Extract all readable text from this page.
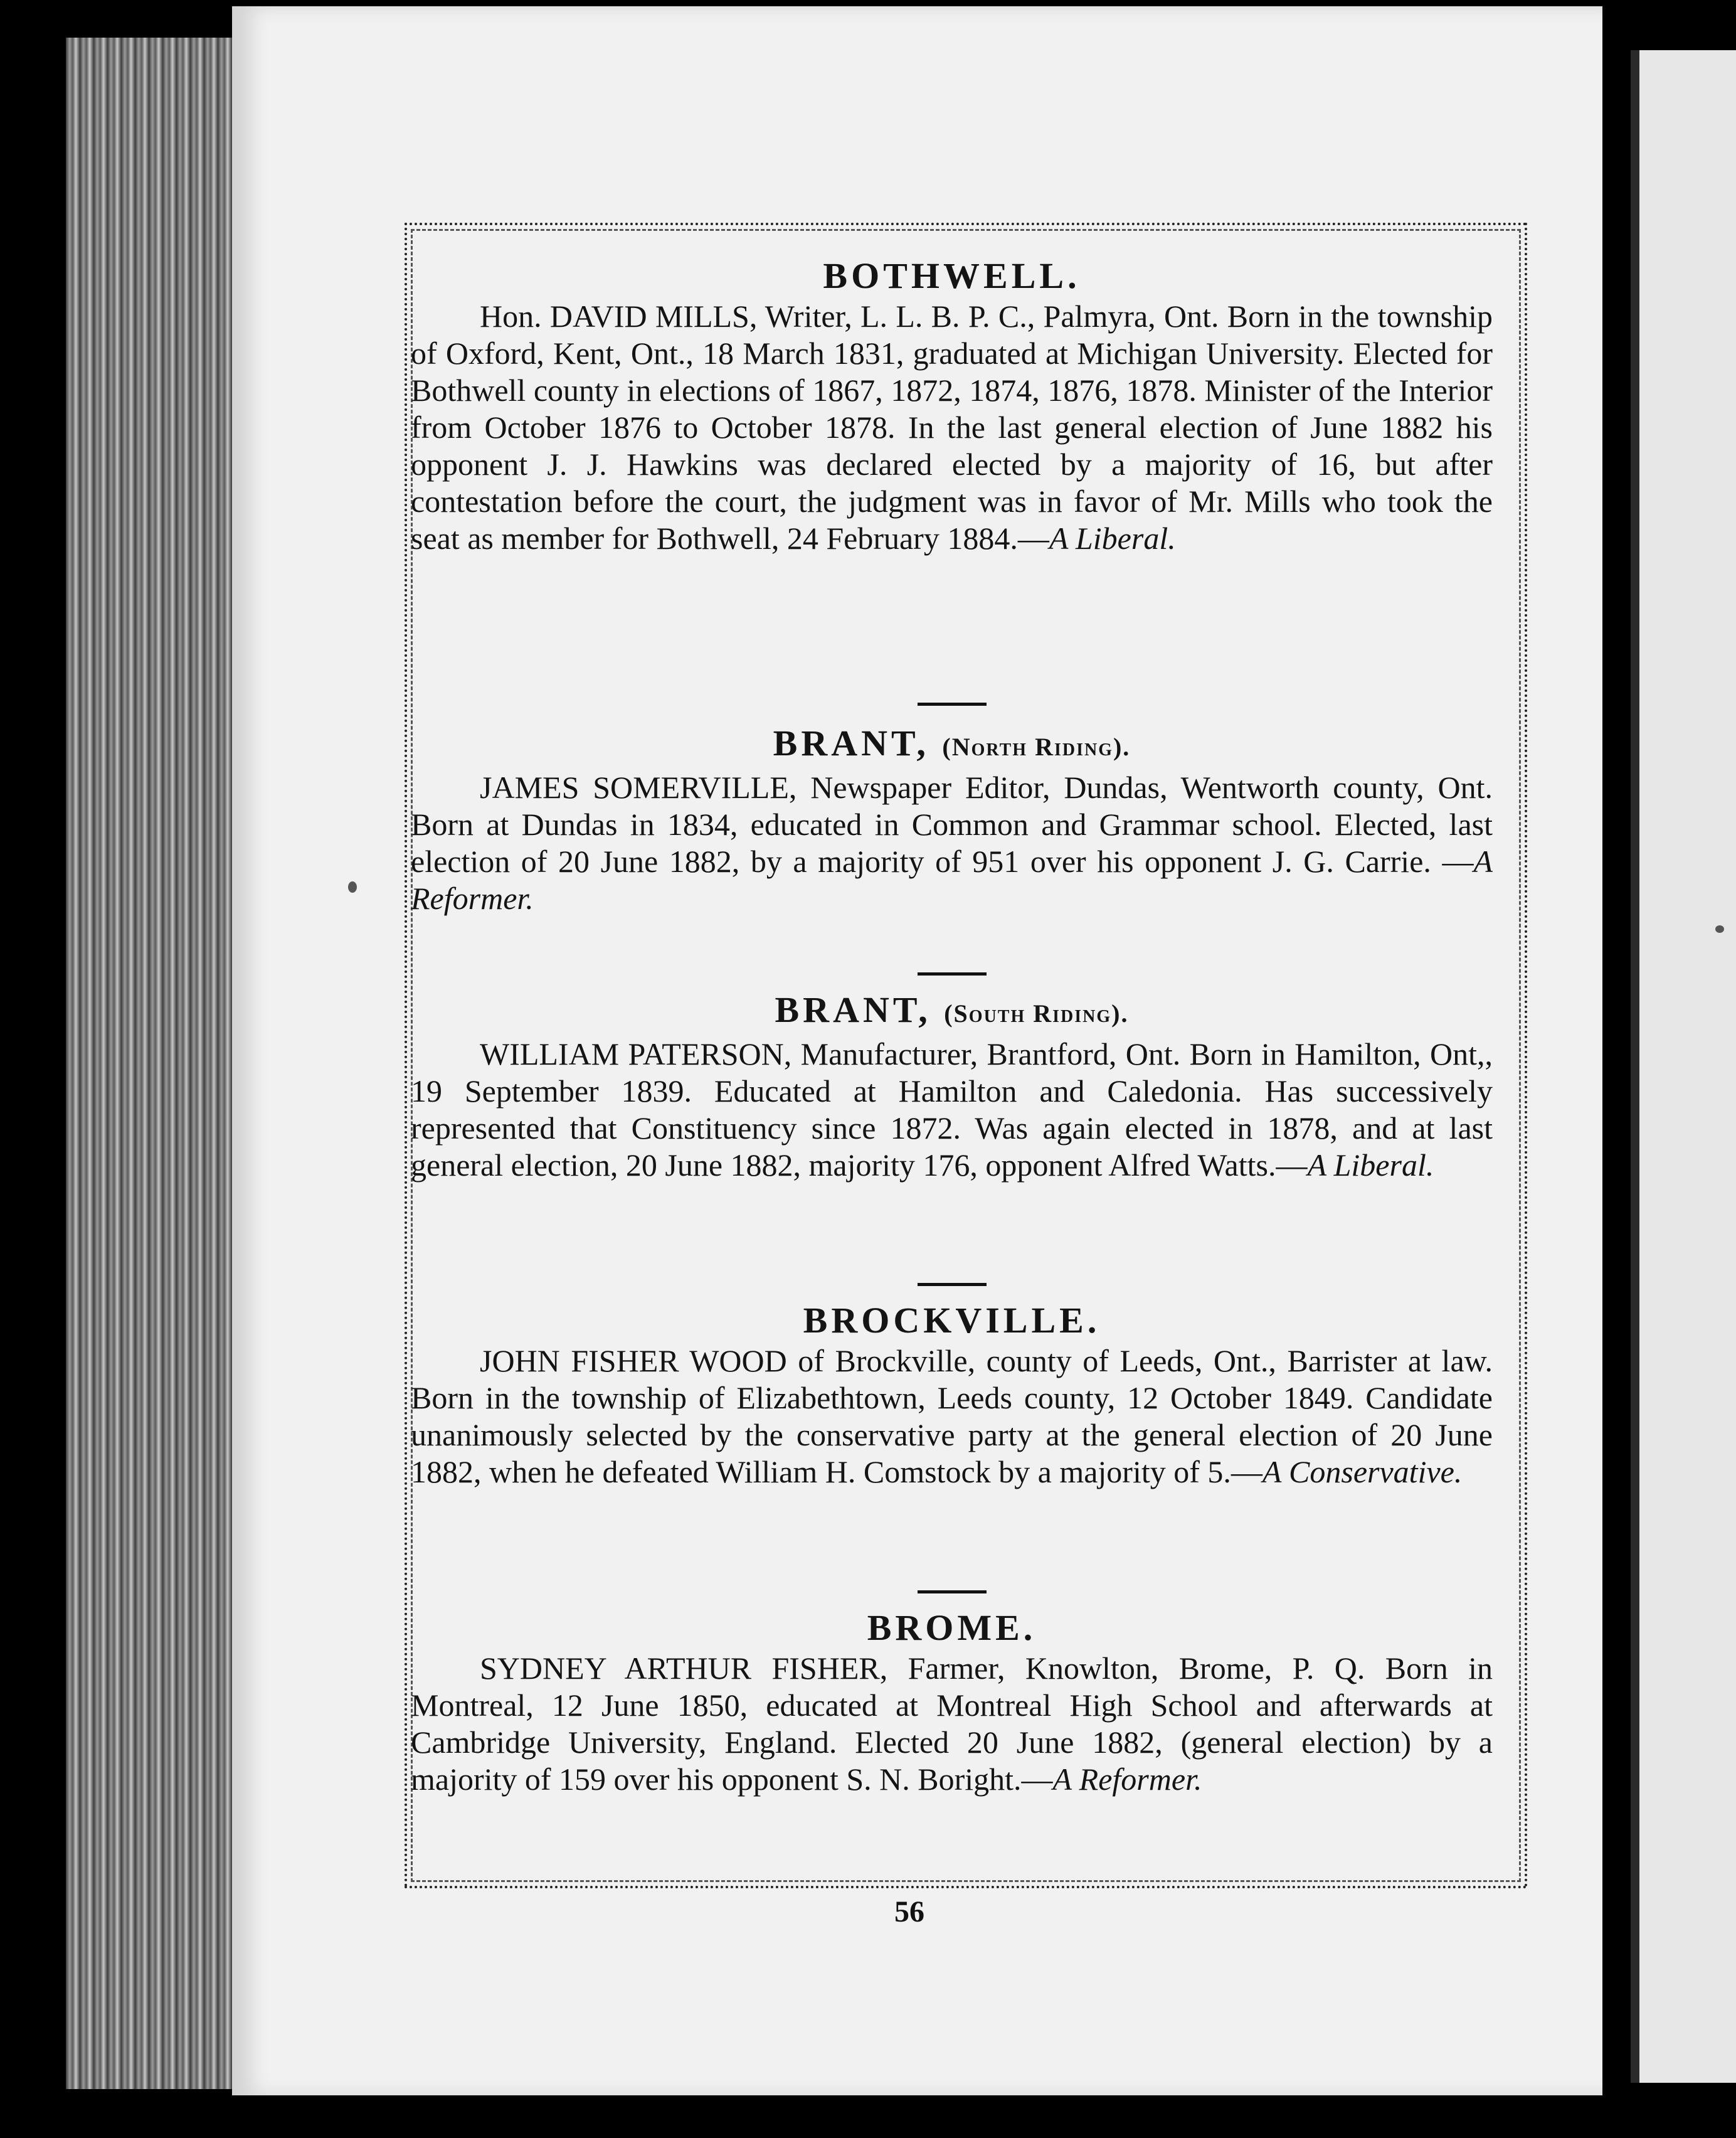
BOTHWELL.

Hon. DAVID MILLS, Writer, L. L. B. P. C., Palmyra, Ont. Born in the township of Oxford, Kent, Ont., 18 March 1831, graduated at Michigan University. Elected for Bothwell county in elections of 1867, 1872, 1874, 1876, 1878. Minister of the Interior from October 1876 to October 1878. In the last general election of June 1882 his opponent J. J. Hawkins was declared elected by a majority of 16, but after contestation before the court, the judgment was in favor of Mr. Mills who took the seat as member for Bothwell, 24 February 1884.—A Liberal.

BRANT, (North Riding).

JAMES SOMERVILLE, Newspaper Editor, Dundas, Wentworth county, Ont. Born at Dundas in 1834, educated in Common and Grammar school. Elected, last election of 20 June 1882, by a majority of 951 over his opponent J. G. Carrie. —A Reformer.

BRANT, (South Riding).

WILLIAM PATERSON, Manufacturer, Brantford, Ont. Born in Hamilton, Ont,, 19 September 1839. Educated at Hamilton and Caledonia. Has successively represented that Constituency since 1872. Was again elected in 1878, and at last general election, 20 June 1882, majority 176, opponent Alfred Watts.—A Liberal.

BROCKVILLE.

JOHN FISHER WOOD of Brockville, county of Leeds, Ont., Barrister at law. Born in the township of Elizabethtown, Leeds county, 12 October 1849. Candidate unanimously selected by the conservative party at the general election of 20 June 1882, when he defeated William H. Comstock by a majority of 5.—A Conservative.

BROME.

SYDNEY ARTHUR FISHER, Farmer, Knowlton, Brome, P. Q. Born in Montreal, 12 June 1850, educated at Montreal High School and afterwards at Cambridge University, England. Elected 20 June 1882, (general election) by a majority of 159 over his opponent S. N. Boright.—A Reformer.

56
